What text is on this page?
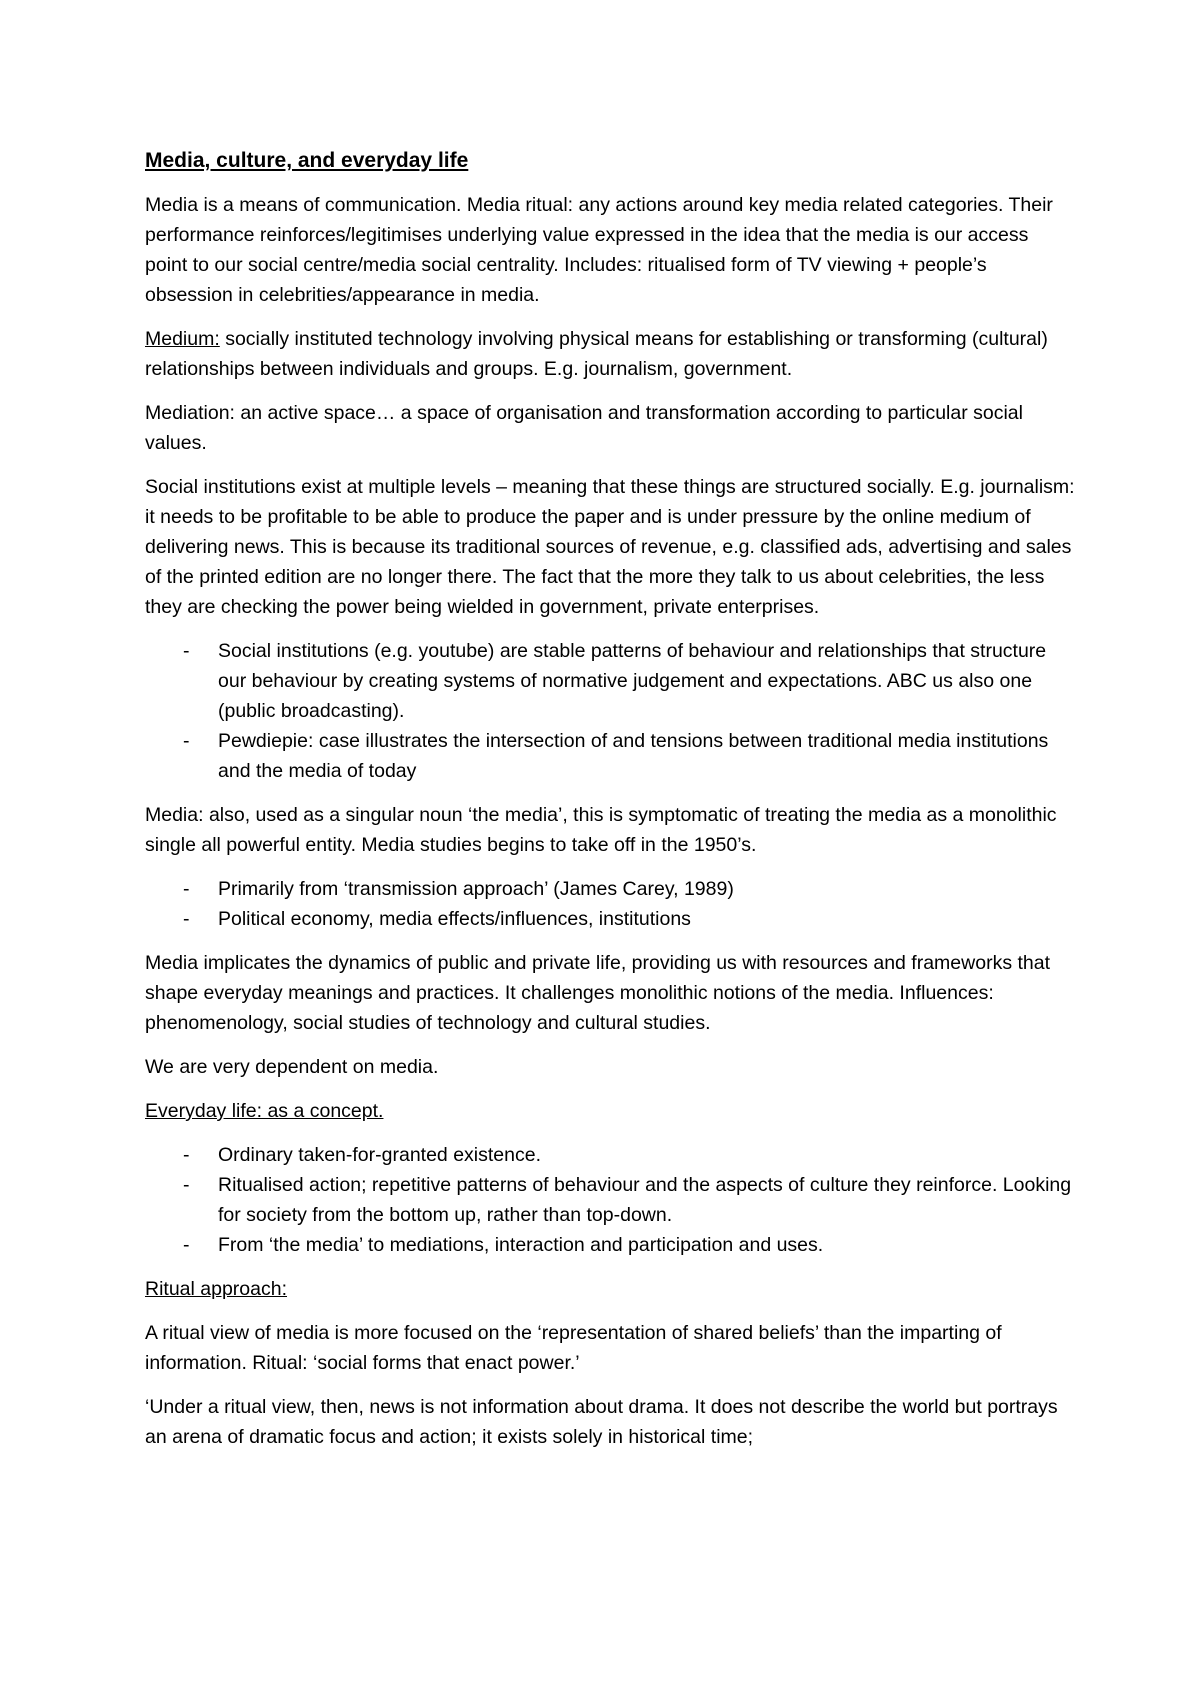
Media, culture, and everyday life

Media is a means of communication. Media ritual: any actions around key media related categories. Their performance reinforces/legitimises underlying value expressed in the idea that the media is our access point to our social centre/media social centrality. Includes: ritualised form of TV viewing + people’s obsession in celebrities/appearance in media.

Medium: socially instituted technology involving physical means for establishing or transforming (cultural) relationships between individuals and groups. E.g. journalism, government.

Mediation: an active space… a space of organisation and transformation according to particular social values.

Social institutions exist at multiple levels – meaning that these things are structured socially. E.g. journalism: it needs to be profitable to be able to produce the paper and is under pressure by the online medium of delivering news. This is because its traditional sources of revenue, e.g. classified ads, advertising and sales of the printed edition are no longer there. The fact that the more they talk to us about celebrities, the less they are checking the power being wielded in government, private enterprises.

- Social institutions (e.g. youtube) are stable patterns of behaviour and relationships that structure our behaviour by creating systems of normative judgement and expectations. ABC us also one (public broadcasting).
- Pewdiepie: case illustrates the intersection of and tensions between traditional media institutions and the media of today

Media: also, used as a singular noun ‘the media’, this is symptomatic of treating the media as a monolithic single all powerful entity. Media studies begins to take off in the 1950’s.

- Primarily from ‘transmission approach’ (James Carey, 1989)
- Political economy, media effects/influences, institutions

Media implicates the dynamics of public and private life, providing us with resources and frameworks that shape everyday meanings and practices. It challenges monolithic notions of the media. Influences: phenomenology, social studies of technology and cultural studies.

We are very dependent on media.

Everyday life: as a concept.

- Ordinary taken-for-granted existence.
- Ritualised action; repetitive patterns of behaviour and the aspects of culture they reinforce. Looking for society from the bottom up, rather than top-down.
- From ‘the media’ to mediations, interaction and participation and uses.

Ritual approach:

A ritual view of media is more focused on the ‘representation of shared beliefs’ than the imparting of information. Ritual: ‘social forms that enact power.’

‘Under a ritual view, then, news is not information about drama. It does not describe the world but portrays an arena of dramatic focus and action; it exists solely in historical time;
